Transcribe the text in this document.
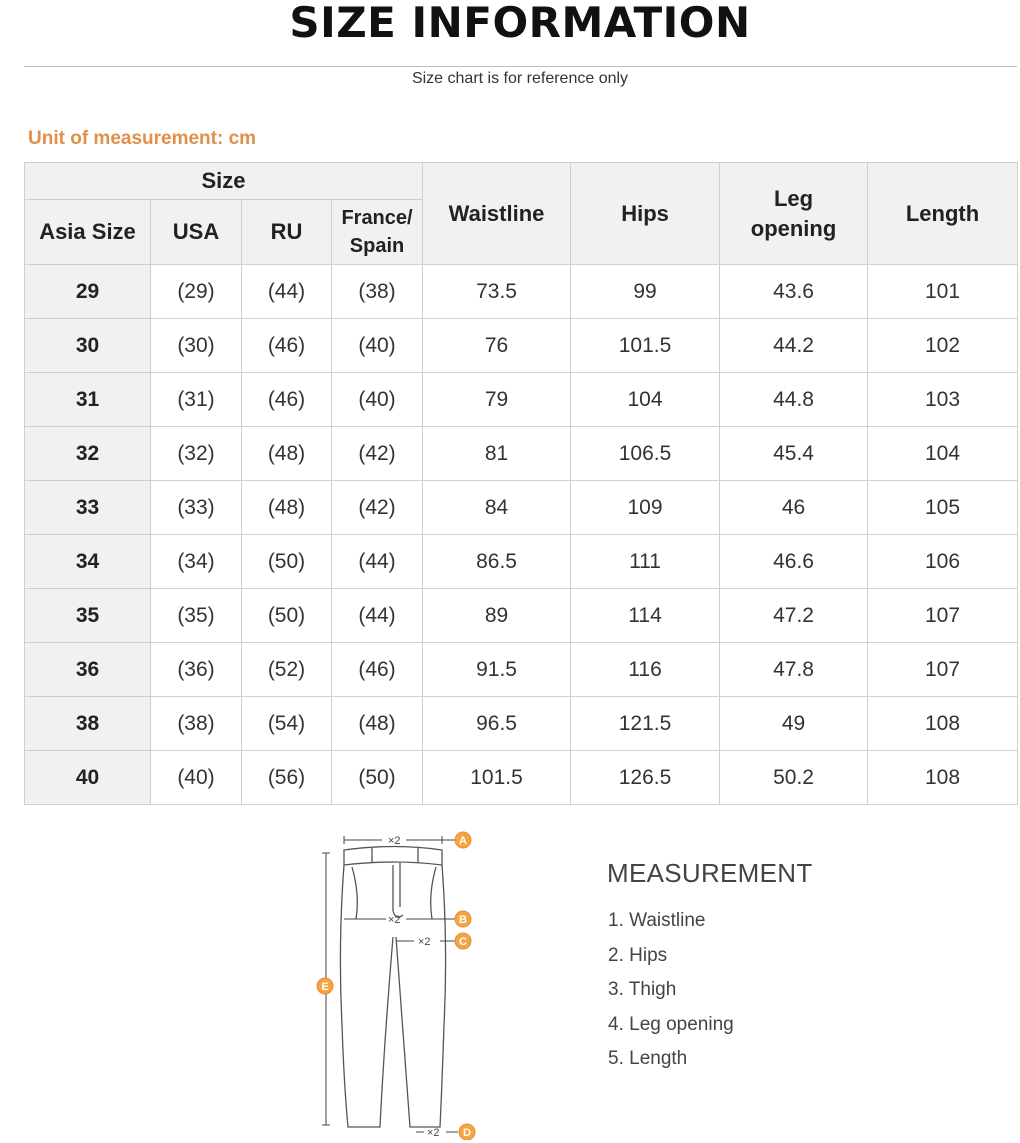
SIZE INFORMATION
Size chart is for reference only
Unit of measurement: cm
Size				Waistline	Hips	Leg opening	Length
Asia Size	USA	RU	France/ Spain				
29	(29)	(44)	(38)	73.5	99	43.6	101
30	(30)	(46)	(40)	76	101.5	44.2	102
31	(31)	(46)	(40)	79	104	44.8	103
32	(32)	(48)	(42)	81	106.5	45.4	104
33	(33)	(48)	(42)	84	109	46	105
34	(34)	(50)	(44)	86.5	111	46.6	106
35	(35)	(50)	(44)	89	114	47.2	107
36	(36)	(52)	(46)	91.5	116	47.8	107
38	(38)	(54)	(48)	96.5	121.5	49	108
40	(40)	(56)	(50)	101.5	126.5	50.2	108
×2
×2
×2
×2
A
B
C
D
E
MEASUREMENT
1. Waistline
2. Hips
3. Thigh
4. Leg opening
5. Length
